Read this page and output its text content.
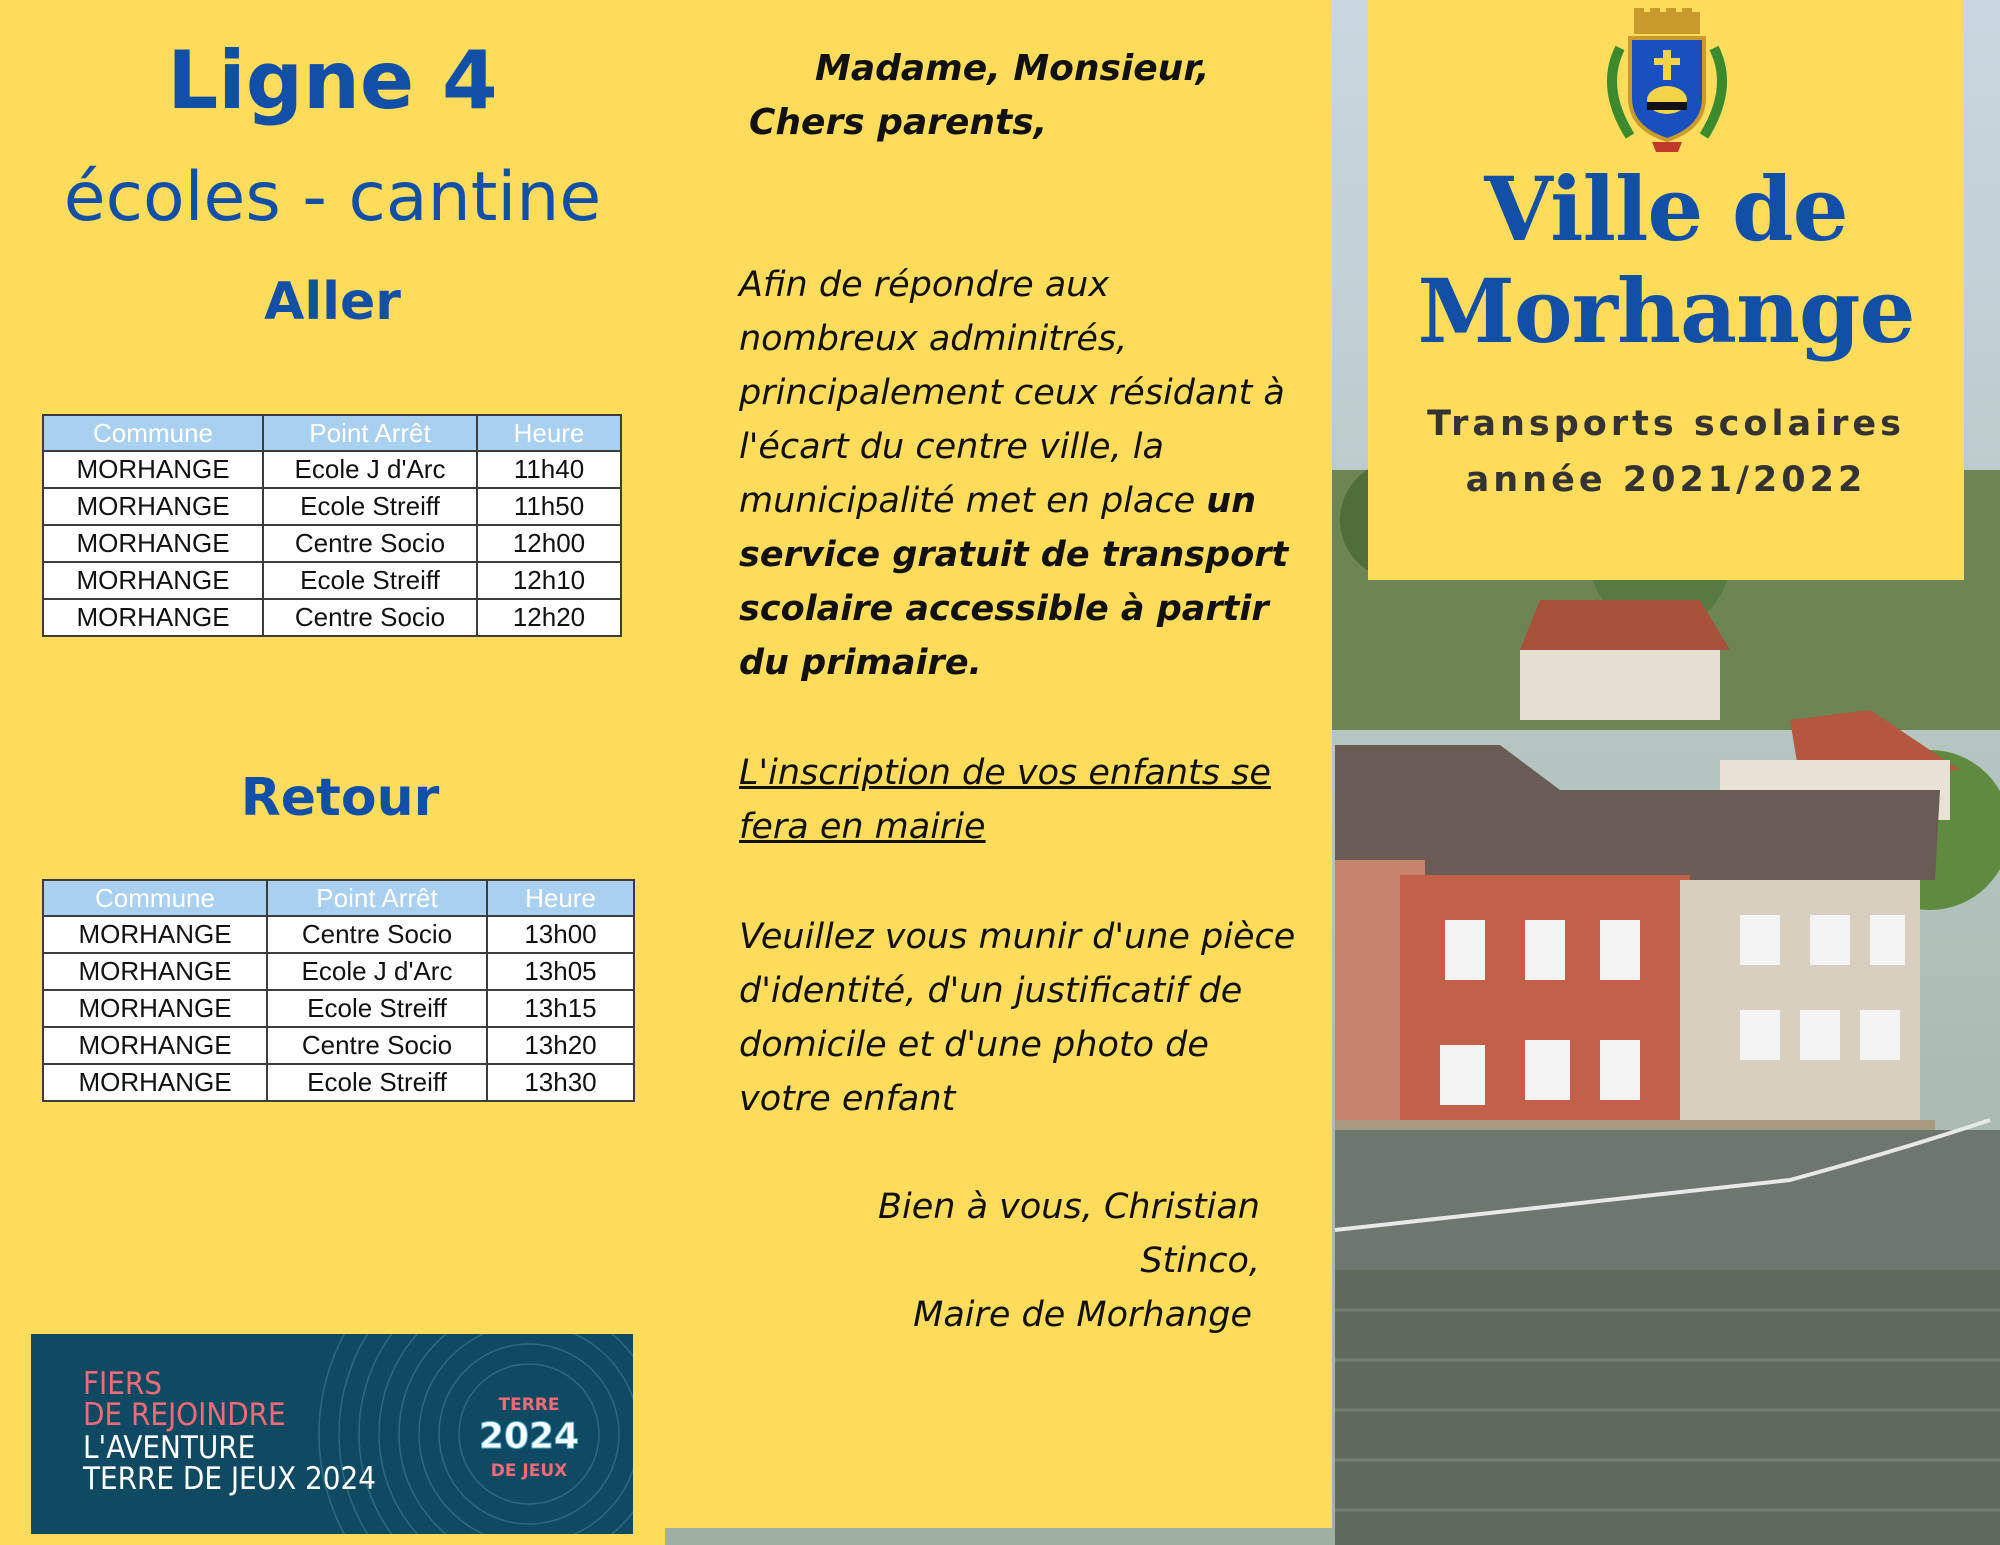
Ligne 4
écoles - cantine
Aller
Commune	Point Arrêt	Heure
MORHANGE	Ecole J d'Arc	11h40
MORHANGE	Ecole Streiff	11h50
MORHANGE	Centre Socio	12h00
MORHANGE	Ecole Streiff	12h10
MORHANGE	Centre Socio	12h20
Retour
Commune	Point Arrêt	Heure
MORHANGE	Centre Socio	13h00
MORHANGE	Ecole J d'Arc	13h05
MORHANGE	Ecole Streiff	13h15
MORHANGE	Centre Socio	13h20
MORHANGE	Ecole Streiff	13h30
FIERS
DE REJOINDRE
L'AVENTURE
TERRE DE JEUX 2024
TERRE
2024
DE JEUX
Madame, Monsieur,
Chers parents,
Afin de répondre aux
nombreux adminitrés,
principalement ceux résidant à
l'écart du centre ville, la
municipalité met en place un
service gratuit de transport
scolaire accessible à partir
du primaire.
L'inscription de vos enfants se
fera en mairie
Veuillez vous munir d'une pièce
d'identité, d'un justificatif de
domicile et d'une photo de
votre enfant
Bien à vous, Christian Stinco,
Maire de Morhange
Ville de
Morhange
Transports scolaires
année 2021/2022
